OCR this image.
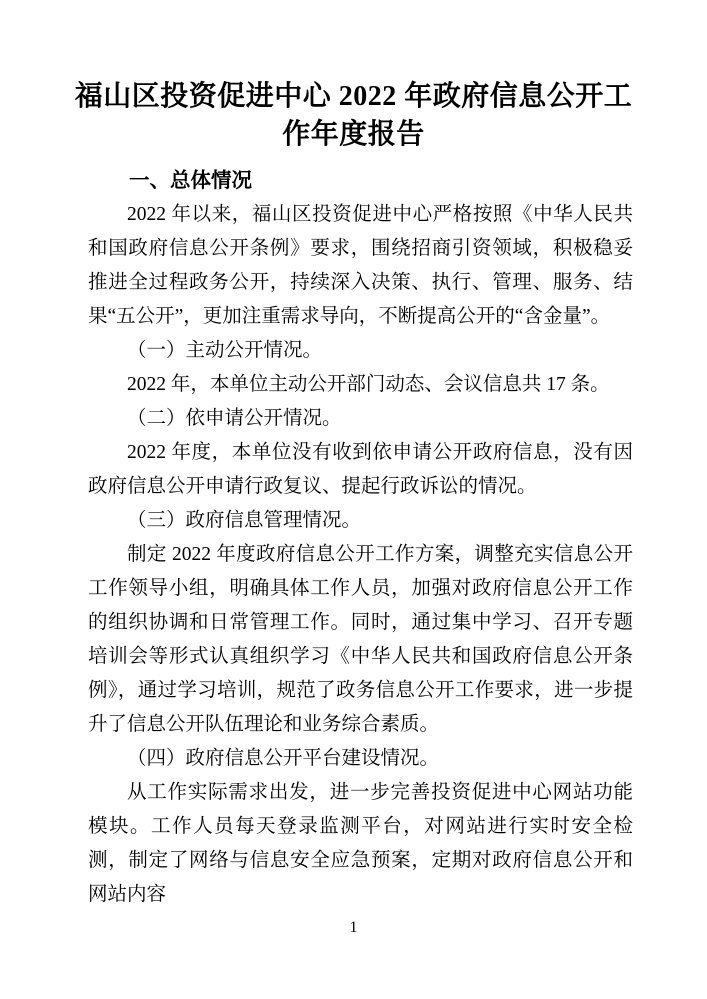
福山区投资促进中心 2022 年政府信息公开工作年度报告
一、总体情况

2022 年以来，福山区投资促进中心严格按照《中华人民共和国政府信息公开条例》要求，围绕招商引资领域，积极稳妥推进全过程政务公开，持续深入决策、执行、管理、服务、结果“五公开”，更加注重需求导向，不断提高公开的“含金量”。

（一）主动公开情况。

2022 年，本单位主动公开部门动态、会议信息共 17 条。

（二）依申请公开情况。

2022 年度，本单位没有收到依申请公开政府信息，没有因政府信息公开申请行政复议、提起行政诉讼的情况。

（三）政府信息管理情况。

制定 2022 年度政府信息公开工作方案，调整充实信息公开工作领导小组，明确具体工作人员，加强对政府信息公开工作的组织协调和日常管理工作。同时，通过集中学习、召开专题培训会等形式认真组织学习《中华人民共和国政府信息公开条例》，通过学习培训，规范了政务信息公开工作要求，进一步提升了信息公开队伍理论和业务综合素质。

（四）政府信息公开平台建设情况。

从工作实际需求出发，进一步完善投资促进中心网站功能模块。工作人员每天登录监测平台，对网站进行实时安全检测，制定了网络与信息安全应急预案，定期对政府信息公开和网站内容

1
